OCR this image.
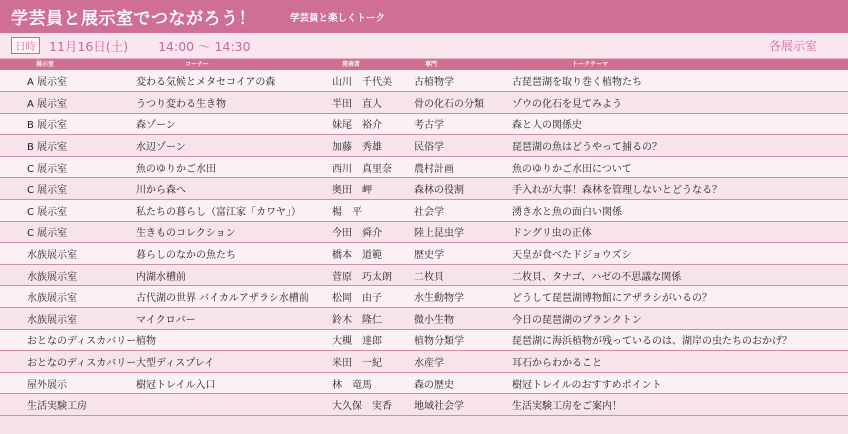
学芸員と展示室でつながろう！	学芸員と楽しくトーク
日時	11月16日(土) 14:00 ～ 14:30	各展示室
展示室	コーナー	発表者	専門	トークテーマ
A 展示室	変わる気候とメタセコイアの森	山川　千代美	古植物学	古琵琶湖を取り巻く植物たち
A 展示室	うつり変わる生き物	半田　直人	骨の化石の分類	ゾウの化石を見てみよう
B 展示室	森ゾーン	妹尾　裕介	考古学	森と人の関係史
B 展示室	水辺ゾーン	加藤　秀雄	民俗学	琵琶湖の魚はどうやって捕るの？
C 展示室	魚のゆりかご水田	西川　真里奈	農村計画	魚のゆりかご水田について
C 展示室	川から森へ	奥田　岬	森林の役割	手入れが大事！森林を管理しないとどうなる？
C 展示室	私たちの暮らし（富江家「カワヤ」）	楊　平	社会学	湧き水と魚の面白い関係
C 展示室	生きものコレクション	今田　舜介	陸上昆虫学	ドングリ虫の正体
水族展示室	暮らしのなかの魚たち	橋本　道範	歴史学	天皇が食べたドジョウズシ
水族展示室	内湖水槽前	菅原　巧太朗	二枚貝	二枚貝、タナゴ、ハゼの不思議な関係
水族展示室	古代湖の世界 バイカルアザラシ水槽前	松岡　由子	水生動物学	どうして琵琶湖博物館にアザラシがいるの？
水族展示室	マイクロバー	鈴木　隆仁	微小生物	今日の琵琶湖のプランクトン
おとなのディスカバリー	植物	大槻　達郎	植物分類学	琵琶湖に海浜植物が残っているのは、湖岸の虫たちのおかげ？
おとなのディスカバリー	大型ディスプレイ	米田　一紀	水産学	耳石からわかること
屋外展示	樹冠トレイル入口	林　竜馬	森の歴史	樹冠トレイルのおすすめポイント
生活実験工房		大久保　実香	地域社会学	生活実験工房をご案内！
